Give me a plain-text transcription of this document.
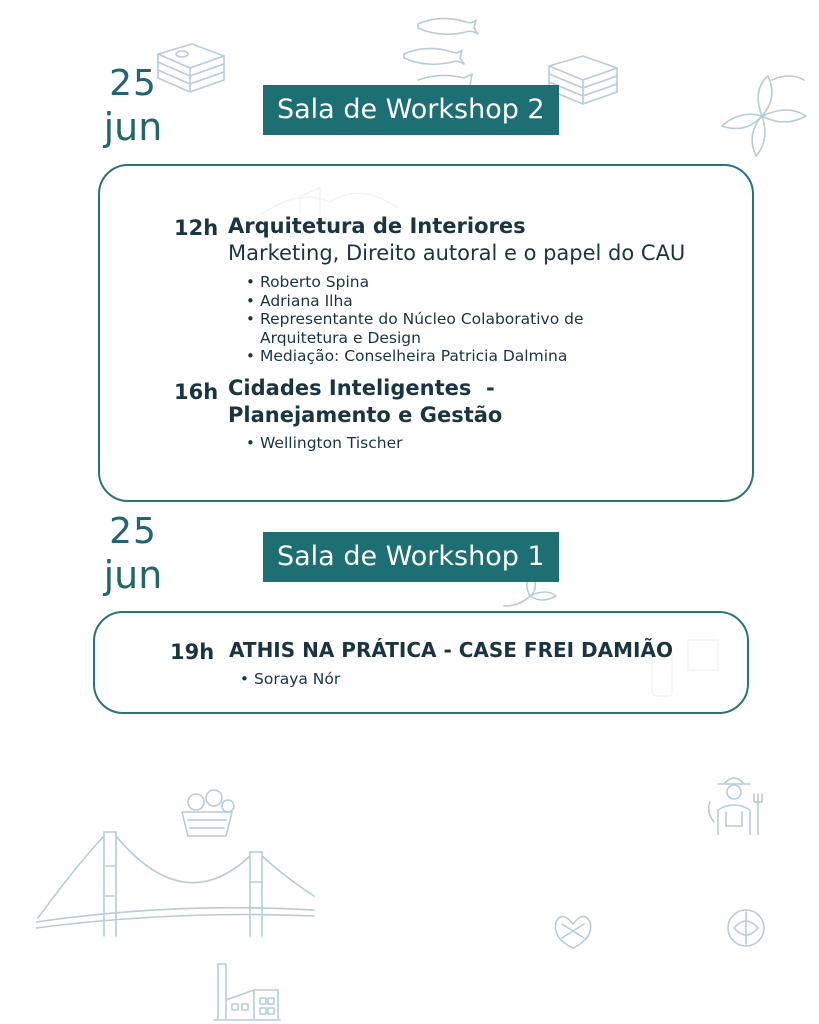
25
jun	Sala de Workshop 2
12h Arquitetura de Interiores
Marketing, Direito autoral e o papel do CAU
• Roberto Spina
• Adriana Ilha
• Representante do Núcleo Colaborativo de
Arquitetura e Design
• Mediação: Conselheira Patricia Dalmina
16h Cidades Inteligentes  -
Planejamento e Gestão
• Wellington Tischer
25
jun	Sala de Workshop 1
19h ATHIS NA PRÁTICA - CASE FREI DAMIÃO
• Soraya Nór
